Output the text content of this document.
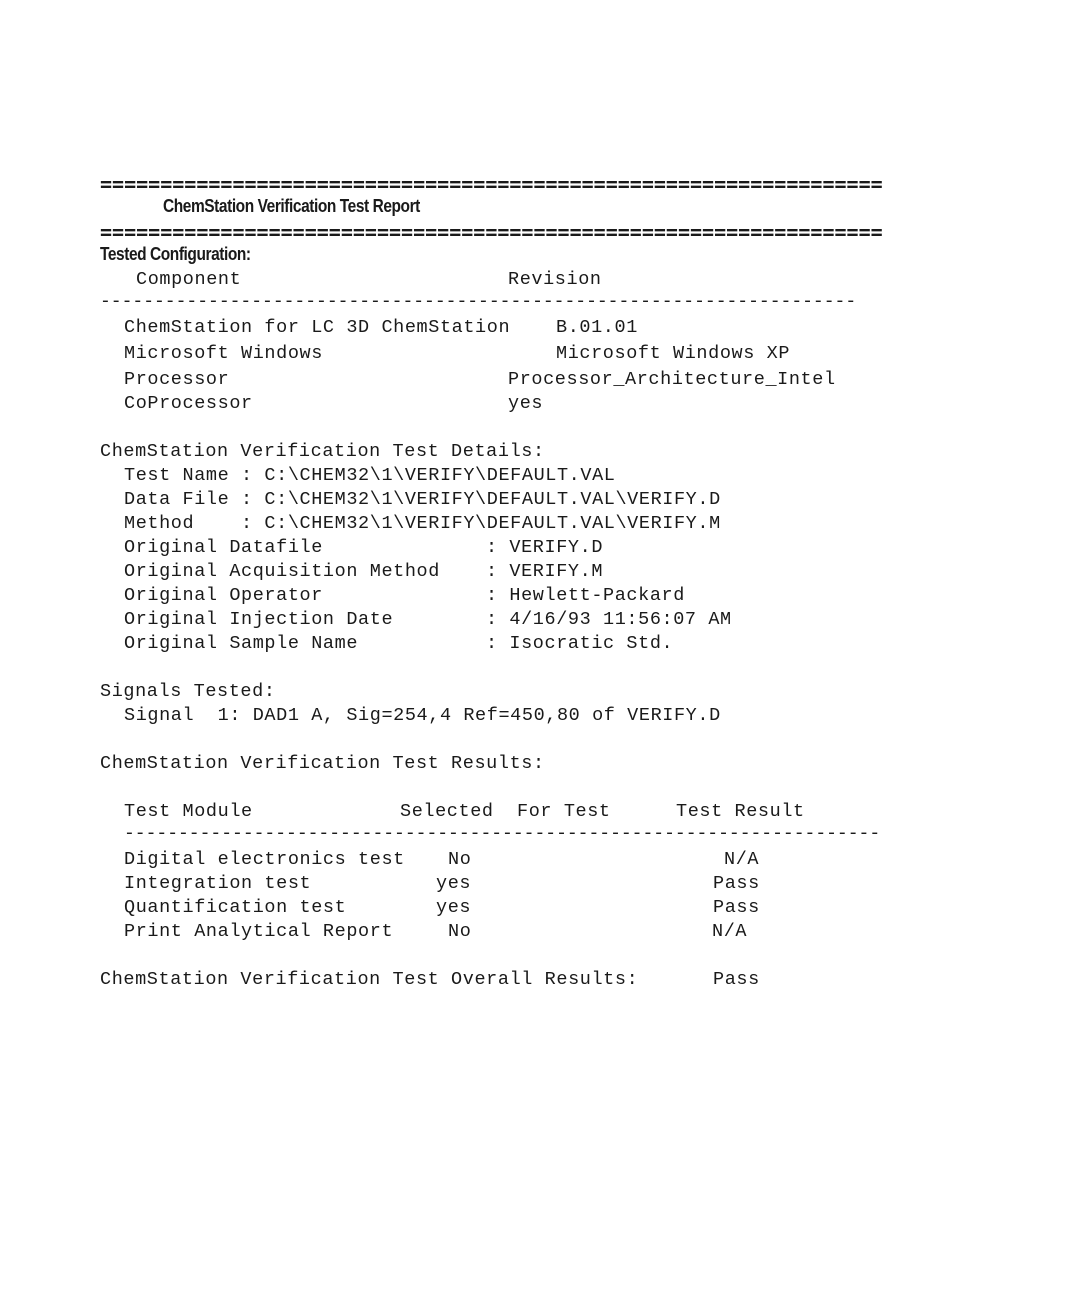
=================================================================
ChemStation Verification Test Report
=================================================================
Tested Configuration:
Component	Revision
----------------------------------------------------------------------
ChemStation for LC 3D ChemStation B.01.01
Microsoft Windows	Microsoft Windows XP
Processor	Processor_Architecture_Intel
CoProcessor	yes
ChemStation Verification Test Details:
Test Name : C:\CHEM32\1\VERIFY\DEFAULT.VAL
Data File : C:\CHEM32\1\VERIFY\DEFAULT.VAL\VERIFY.D
Method    : C:\CHEM32\1\VERIFY\DEFAULT.VAL\VERIFY.M
Original Datafile	: VERIFY.D
Original Acquisition Method : VERIFY.M
Original Operator	: Hewlett-Packard
Original Injection Date	: 4/16/93 11:56:07 AM
Original Sample Name	: Isocratic Std.
Signals Tested:
Signal  1: DAD1 A, Sig=254,4 Ref=450,80 of VERIFY.D
ChemStation Verification Test Results:
Test Module	Selected  For Test	Test Result
----------------------------------------------------------------------
Digital electronics test No	N/A
Integration test	yes	Pass
Quantification test	yes	Pass
Print Analytical Report	No	N/A
ChemStation Verification Test Overall Results:	Pass
